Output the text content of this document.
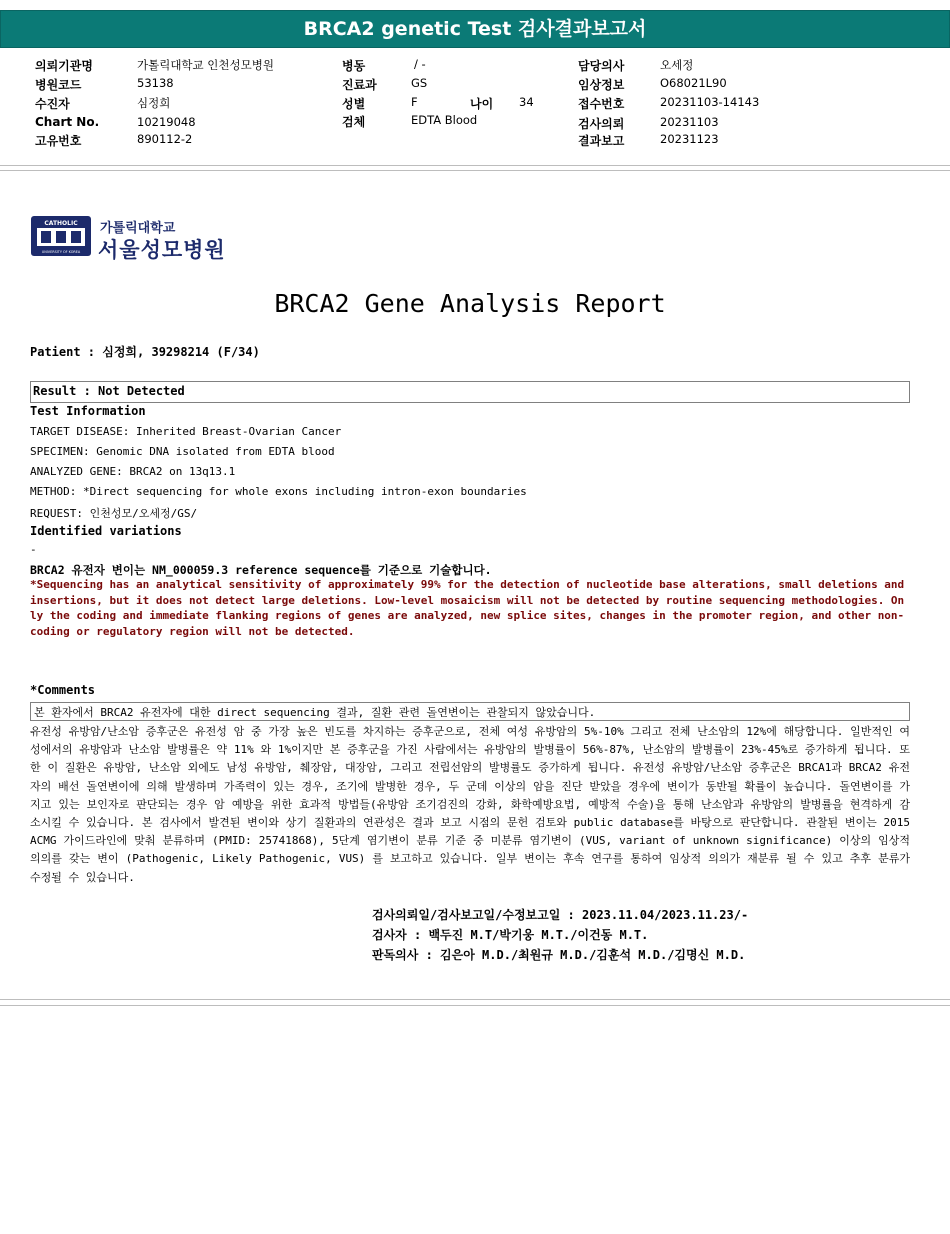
BRCA2 genetic Test 검사결과보고서
의뢰기관명	가톨릭대학교 인천성모병원
병원코드	53138
수진자	심정희
Chart No.	10219048
고유번호	890112-2
병동	/ -
진료과	GS
성별	F	나이 34
검체	EDTA Blood
담당의사	오세정
임상정보	O68021L90
접수번호	20231103-14143
검사의뢰	20231103
결과보고	20231123
CATHOLIC
UNIVERSITY OF KOREA
가톨릭대학교
서울성모병원
BRCA2 Gene Analysis Report
Patient : 심정희, 39298214 (F/34)
Result : Not Detected
Test Information
TARGET DISEASE: Inherited Breast-Ovarian Cancer
SPECIMEN: Genomic DNA isolated from EDTA blood
ANALYZED GENE: BRCA2 on 13q13.1
METHOD: *Direct sequencing for whole exons including intron-exon boundaries
REQUEST: 인천성모/오세정/GS/
Identified variations
-
BRCA2 유전자 변이는 NM_000059.3 reference sequence를 기준으로 기술합니다.
*Sequencing has an analytical sensitivity of approximately 99% for the detection of nucleotide base alterations, small deletions and insertions, but it does not detect large deletions. Low-level mosaicism will not be detected by routine sequencing methodologies. Only the coding and immediate flanking regions of genes are analyzed, new splice sites, changes in the promoter region, and other non-coding or regulatory region will not be detected.
*Comments
본 환자에서 BRCA2 유전자에 대한 direct sequencing 결과, 질환 관련 돌연변이는 관찰되지 않았습니다.
유전성 유방암/난소암 증후군은 유전성 암 중 가장 높은 빈도를 차지하는 증후군으로, 전체 여성 유방암의 5%-10% 그리고 전체 난소암의 12%에 해당합니다. 일반적인 여성에서의 유방암과 난소암 발병률은 약 11% 와 1%이지만 본 증후군을 가진 사람에서는 유방암의 발병률이 56%-87%, 난소암의 발병률이 23%-45%로 증가하게 됩니다. 또한 이 질환은 유방암, 난소암 외에도 남성 유방암, 췌장암, 대장암, 그리고 전립선암의 발병률도 증가하게 됩니다. 유전성 유방암/난소암 증후군은 BRCA1과 BRCA2 유전자의 배선 돌연변이에 의해 발생하며 가족력이 있는 경우, 조기에 발병한 경우, 두 군데 이상의 암을 진단 받았을 경우에 변이가 동반될 확률이 높습니다. 돌연변이를 가지고 있는 보인자로 판단되는 경우 암 예방을 위한 효과적 방법들(유방암 조기검진의 강화, 화학예방요법, 예방적 수술)을 통해 난소암과 유방암의 발병률을 현격하게 감소시킬 수 있습니다. 본 검사에서 발견된 변이와 상기 질환과의 연관성은 결과 보고 시점의 문헌 검토와 public database를 바탕으로 판단합니다. 관찰된 변이는 2015 ACMG 가이드라인에 맞춰 분류하며 (PMID: 25741868), 5단계 염기변이 분류 기준 중 미분류 염기변이 (VUS, variant of unknown significance) 이상의 임상적 의의를 갖는 변이 (Pathogenic, Likely Pathogenic, VUS) 를 보고하고 있습니다. 일부 변이는 후속 연구를 통하여 임상적 의의가 재분류 될 수 있고 추후 분류가 수정될 수 있습니다.
검사의뢰일/검사보고일/수정보고일 : 2023.11.04/2023.11.23/-
검사자 : 백두진 M.T/박기웅 M.T./이건동 M.T.
판독의사 : 김은아 M.D./최원규 M.D./김훈석 M.D./김명신 M.D.
